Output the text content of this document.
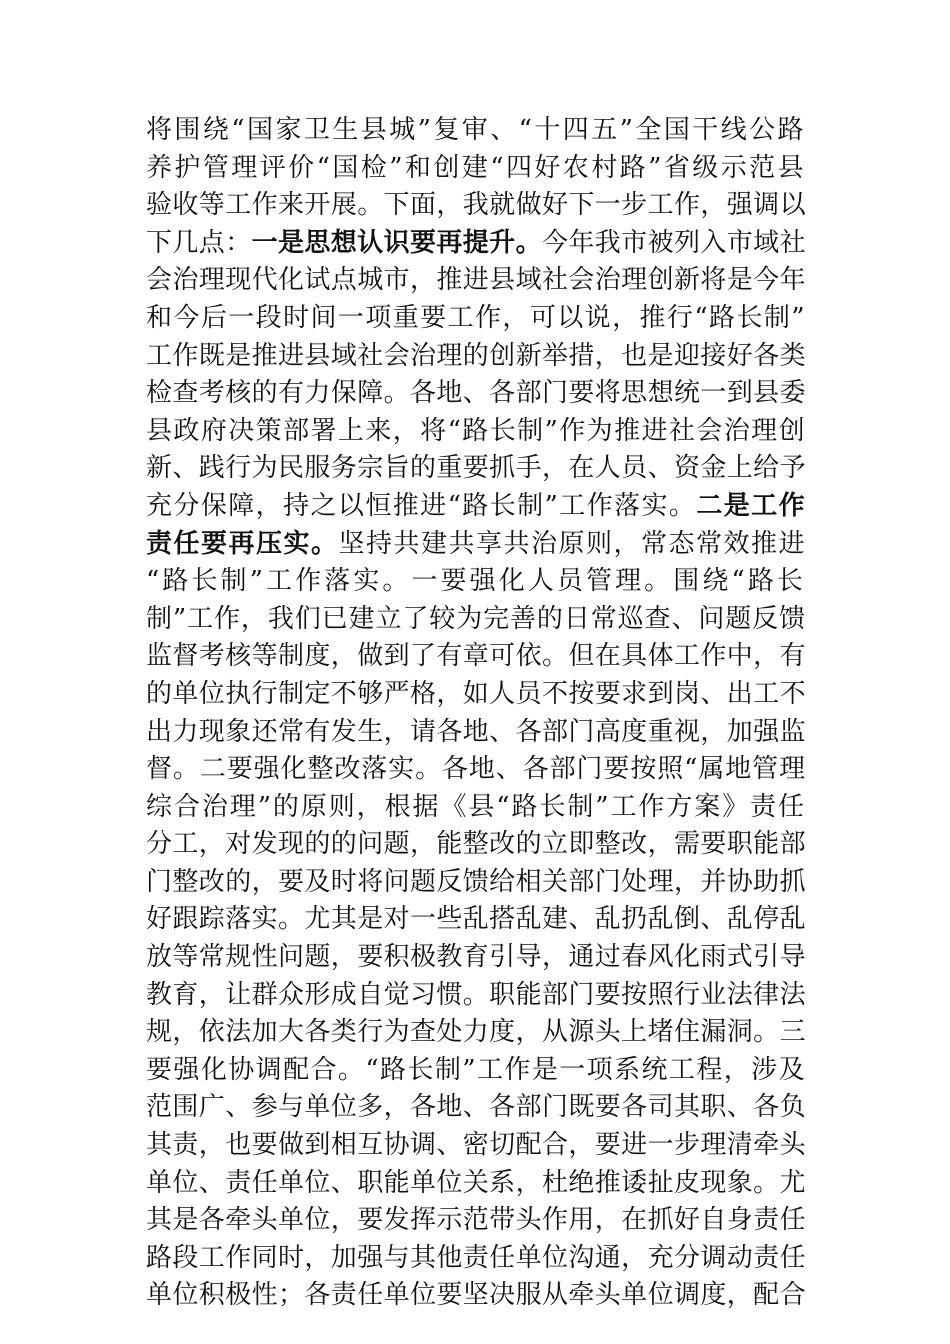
将围绕“国家卫生县城”复审、“十四五”全国干线公路
养护管理评价“国检”和创建“四好农村路”省级示范县
验收等工作来开展。下面，我就做好下一步工作，强调以
下几点：一是思想认识要再提升。今年我市被列入市域社
会治理现代化试点城市，推进县域社会治理创新将是今年
和今后一段时间一项重要工作，可以说，推行“路长制”
工作既是推进县域社会治理的创新举措，也是迎接好各类
检查考核的有力保障。各地、各部门要将思想统一到县委
县政府决策部署上来，将“路长制”作为推进社会治理创
新、践行为民服务宗旨的重要抓手，在人员、资金上给予
充分保障，持之以恒推进“路长制”工作落实。二是工作
责任要再压实。坚持共建共享共治原则，常态常效推进
“路长制”工作落实。一要强化人员管理。围绕“路长
制”工作，我们已建立了较为完善的日常巡查、问题反馈
监督考核等制度，做到了有章可依。但在具体工作中，有
的单位执行制定不够严格，如人员不按要求到岗、出工不
出力现象还常有发生，请各地、各部门高度重视，加强监
督。二要强化整改落实。各地、各部门要按照“属地管理
综合治理”的原则，根据《县“路长制”工作方案》责任
分工，对发现的的问题，能整改的立即整改，需要职能部
门整改的，要及时将问题反馈给相关部门处理，并协助抓
好跟踪落实。尤其是对一些乱搭乱建、乱扔乱倒、乱停乱
放等常规性问题，要积极教育引导，通过春风化雨式引导
教育，让群众形成自觉习惯。职能部门要按照行业法律法
规，依法加大各类行为查处力度，从源头上堵住漏洞。三
要强化协调配合。“路长制”工作是一项系统工程，涉及
范围广、参与单位多，各地、各部门既要各司其职、各负
其责，也要做到相互协调、密切配合，要进一步理清牵头
单位、责任单位、职能单位关系，杜绝推诿扯皮现象。尤
其是各牵头单位，要发挥示范带头作用，在抓好自身责任
路段工作同时，加强与其他责任单位沟通，充分调动责任
单位积极性；各责任单位要坚决服从牵头单位调度，配合
